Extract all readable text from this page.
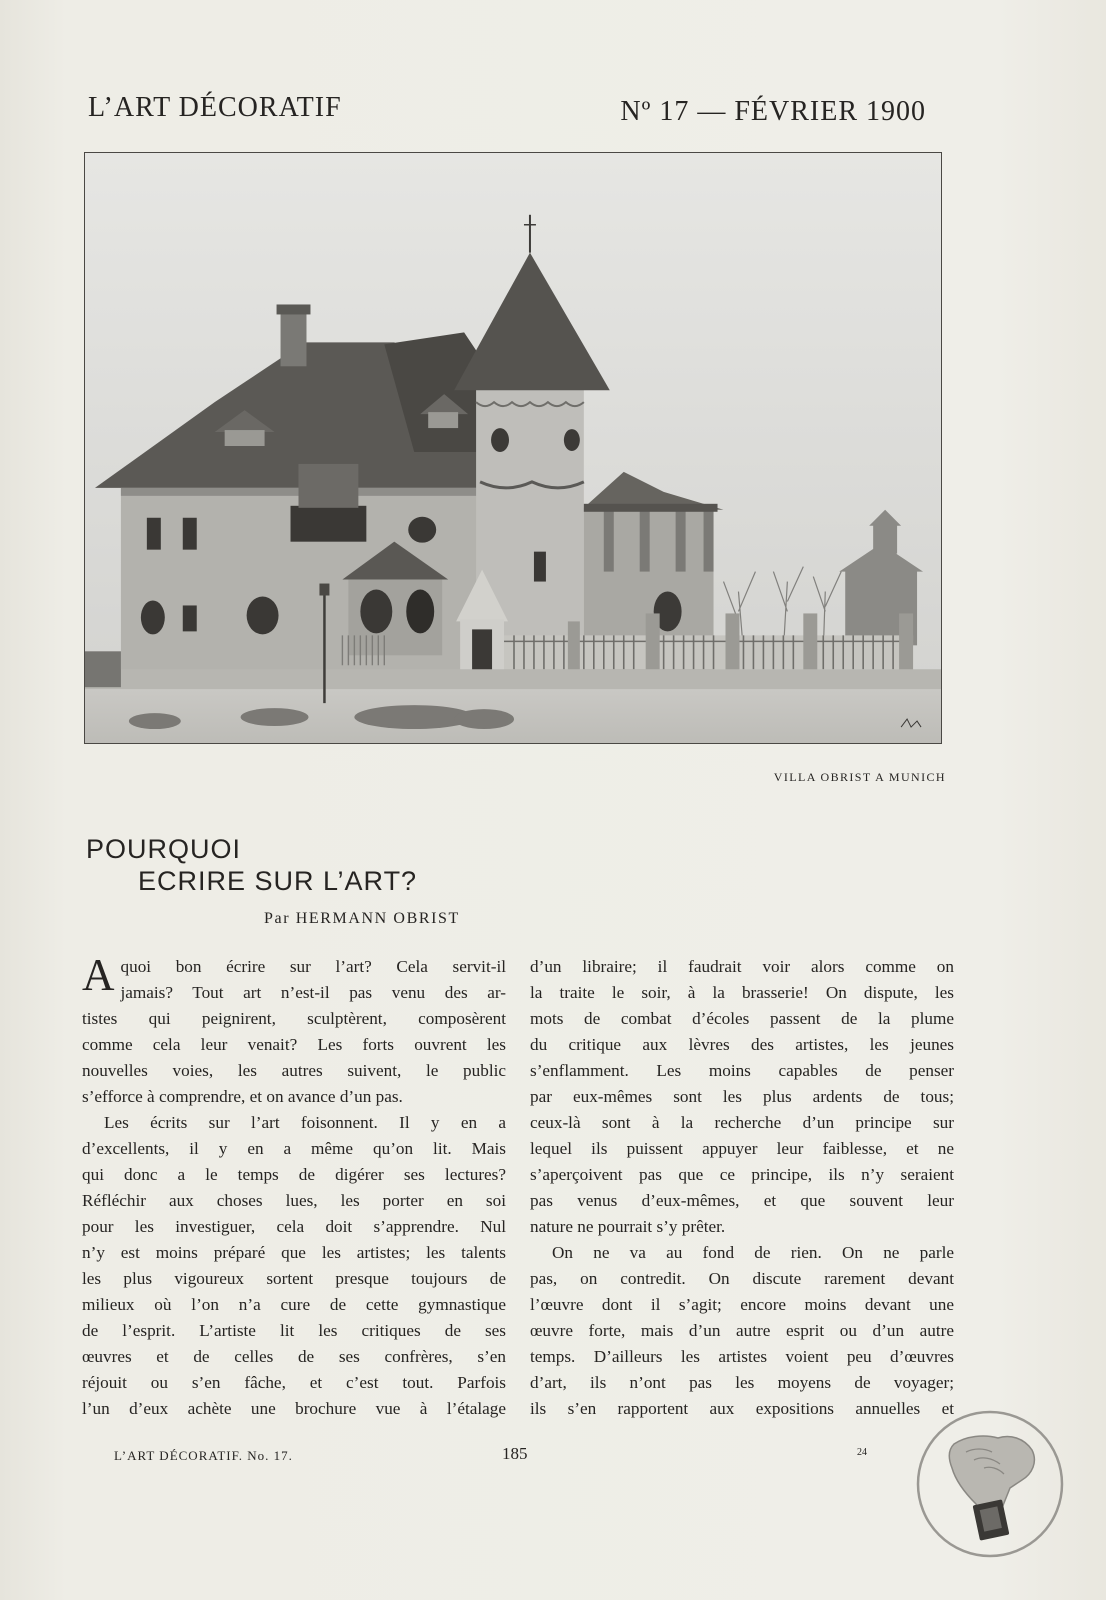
L’ART DÉCORATIF	Nº 17 — FÉVRIER 1900
VILLA OBRIST A MUNICH
POURQUOI
ECRIRE SUR L’ART?
Par HERMANN OBRIST
A quoi bon écrire sur l’art? Cela servit-il
jamais? Tout art n’est-il pas venu des ar-
tistes qui peignirent, sculptèrent, composèrent
comme cela leur venait? Les forts ouvrent les
nouvelles voies, les autres suivent, le public
s’efforce à comprendre, et on avance d’un pas.
Les écrits sur l’art foisonnent. Il y en a
d’excellents, il y en a même qu’on lit. Mais
qui donc a le temps de digérer ses lectures?
Réfléchir aux choses lues, les porter en soi
pour les investiguer, cela doit s’apprendre. Nul
n’y est moins préparé que les artistes; les talents
les plus vigoureux sortent presque toujours de
milieux où l’on n’a cure de cette gymnastique
de l’esprit. L’artiste lit les critiques de ses
œuvres et de celles de ses confrères, s’en
réjouit ou s’en fâche, et c’est tout. Parfois
l’un d’eux achète une brochure vue à l’étalage
d’un libraire; il faudrait voir alors comme on
la traite le soir, à la brasserie! On dispute, les
mots de combat d’écoles passent de la plume
du critique aux lèvres des artistes, les jeunes
s’enflamment. Les moins capables de penser
par eux-mêmes sont les plus ardents de tous;
ceux-là sont à la recherche d’un principe sur
lequel ils puissent appuyer leur faiblesse, et ne
s’aperçoivent pas que ce principe, ils n’y seraient
pas venus d’eux-mêmes, et que souvent leur
nature ne pourrait s’y prêter.
On ne va au fond de rien. On ne parle
pas, on contredit. On discute rarement devant
l’œuvre dont il s’agit; encore moins devant une
œuvre forte, mais d’un autre esprit ou d’un autre
temps. D’ailleurs les artistes voient peu d’œuvres
d’art, ils n’ont pas les moyens de voyager;
ils s’en rapportent aux expositions annuelles et
L’ART DÉCORATIF. No. 17.	185	24
